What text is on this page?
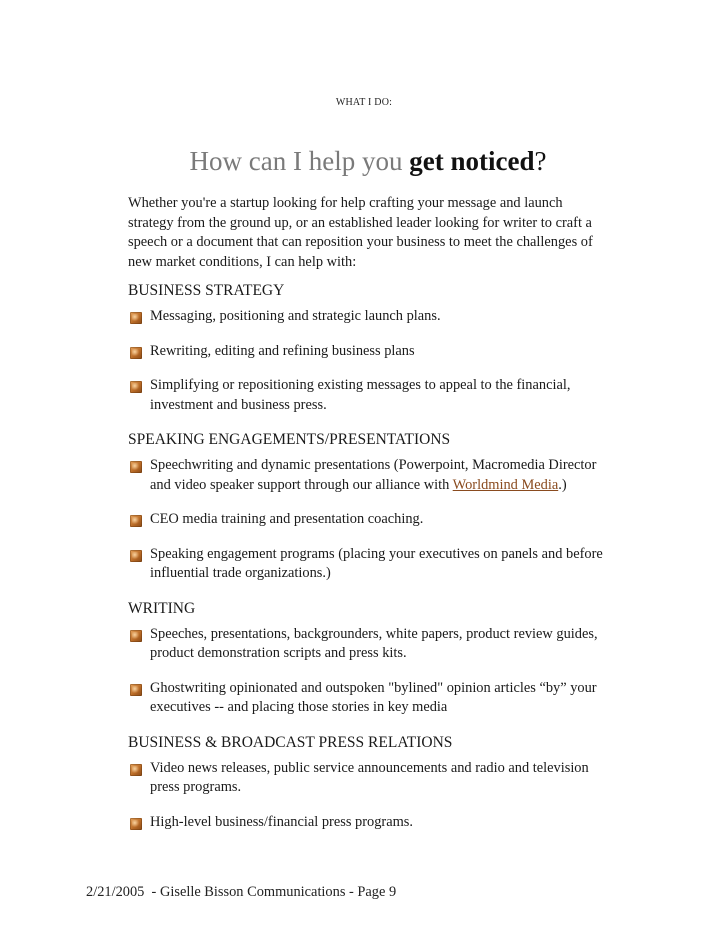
WHAT I DO:
How can I help you get noticed?
Whether you're a startup looking for help crafting your message and launch strategy from the ground up, or an established leader looking for writer to craft a speech or a document that can reposition your business to meet the challenges of new market conditions, I can help with:
BUSINESS STRATEGY
Messaging, positioning and strategic launch plans.
Rewriting, editing and refining business plans
Simplifying or repositioning existing messages to appeal to the financial, investment and business press.
SPEAKING ENGAGEMENTS/PRESENTATIONS
Speechwriting and dynamic presentations (Powerpoint, Macromedia Director and video speaker support through our alliance with Worldmind Media.)
CEO media training and presentation coaching.
Speaking engagement programs (placing your executives on panels and before influential trade organizations.)
WRITING
Speeches, presentations, backgrounders, white papers, product review guides, product demonstration scripts and press kits.
Ghostwriting opinionated and outspoken "bylined" opinion articles “by” your executives -- and placing those stories in key media
BUSINESS & BROADCAST PRESS RELATIONS
Video news releases, public service announcements and radio and television press programs.
High-level business/financial press programs.
2/21/2005  - Giselle Bisson Communications - Page 9
